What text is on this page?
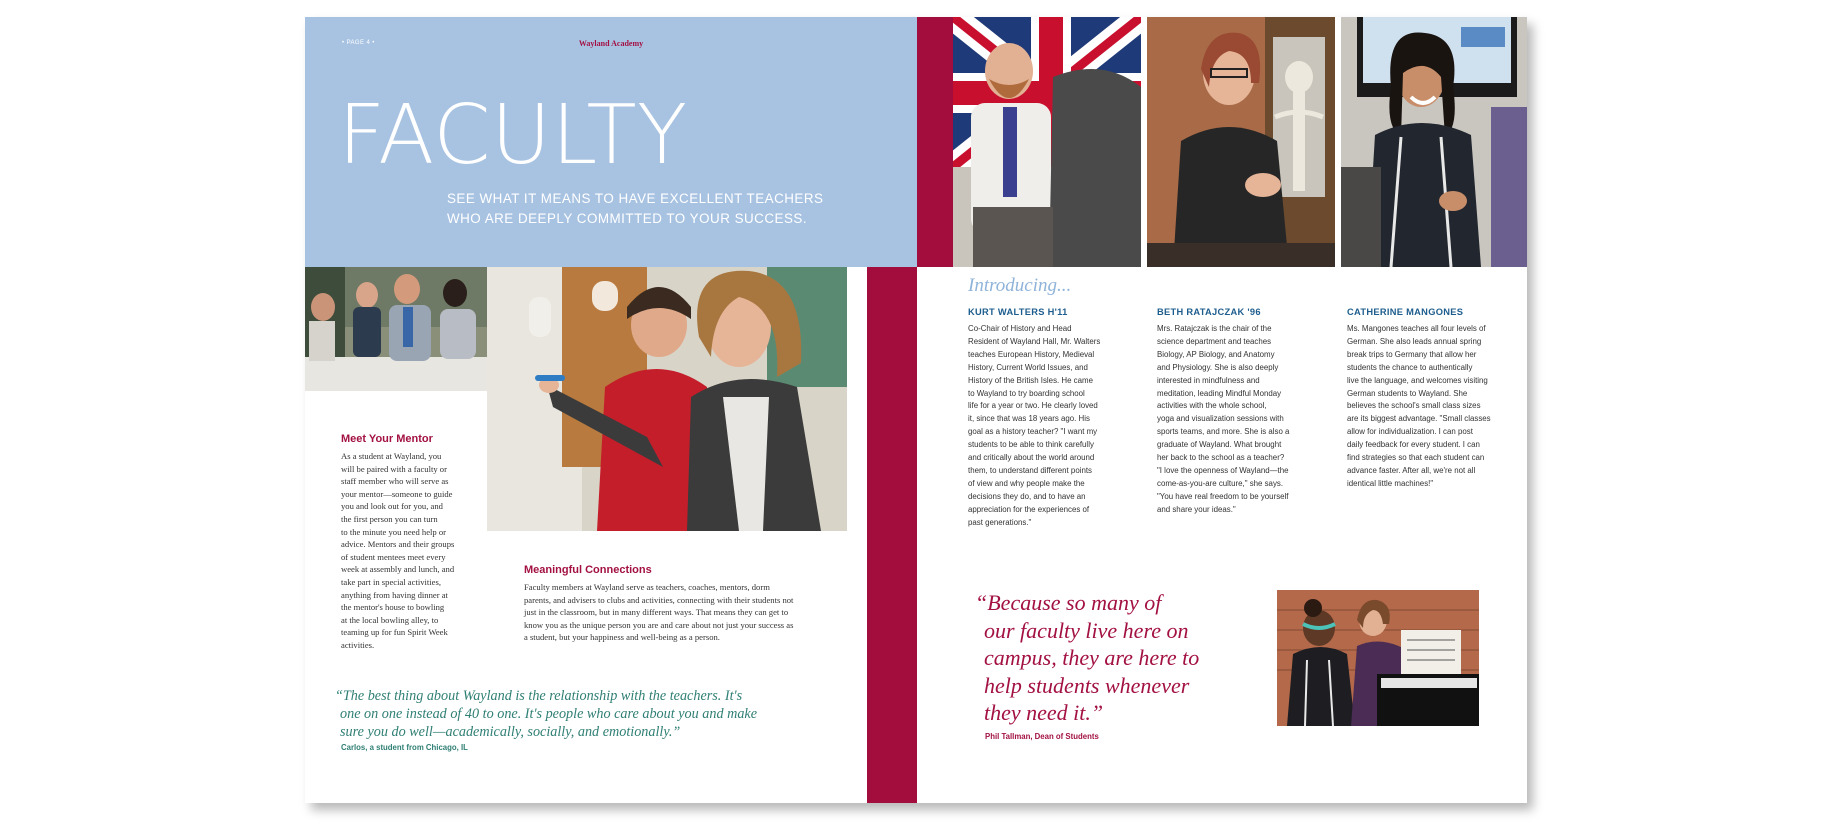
• PAGE 4 •	Wayland Academy
FACULTY
SEE WHAT IT MEANS TO HAVE EXCELLENT TEACHERS
WHO ARE DEEPLY COMMITTED TO YOUR SUCCESS.
Meet Your Mentor
As a student at Wayland, you
will be paired with a faculty or
staff member who will serve as
your mentor—someone to guide
you and look out for you, and
the first person you can turn
to the minute you need help or
advice. Mentors and their groups
of student mentees meet every
week at assembly and lunch, and
take part in special activities,
anything from having dinner at
the mentor's house to bowling
at the local bowling alley, to
teaming up for fun Spirit Week
activities.
Meaningful Connections
Faculty members at Wayland serve as teachers, coaches, mentors, dorm
parents, and advisers to clubs and activities, connecting with their students not
just in the classroom, but in many different ways. That means they can get to
know you as the unique person you are and care about not just your success as
a student, but your happiness and well-being as a person.
“The best thing about Wayland is the relationship with the teachers. It's
one on one instead of 40 to one. It's people who care about you and make
sure you do well—academically, socially, and emotionally.”
Carlos, a student from Chicago, IL
Introducing...
KURT WALTERS H'11
Co-Chair of History and Head
Resident of Wayland Hall, Mr. Walters
teaches European History, Medieval
History, Current World Issues, and
History of the British Isles. He came
to Wayland to try boarding school
life for a year or two. He clearly loved
it, since that was 18 years ago. His
goal as a history teacher? "I want my
students to be able to think carefully
and critically about the world around
them, to understand different points
of view and why people make the
decisions they do, and to have an
appreciation for the experiences of
past generations."
BETH RATAJCZAK '96
Mrs. Ratajczak is the chair of the
science department and teaches
Biology, AP Biology, and Anatomy
and Physiology. She is also deeply
interested in mindfulness and
meditation, leading Mindful Monday
activities with the whole school,
yoga and visualization sessions with
sports teams, and more. She is also a
graduate of Wayland. What brought
her back to the school as a teacher?
"I love the openness of Wayland—the
come-as-you-are culture," she says.
"You have real freedom to be yourself
and share your ideas."
CATHERINE MANGONES
Ms. Mangones teaches all four levels of
German. She also leads annual spring
break trips to Germany that allow her
students the chance to authentically
live the language, and welcomes visiting
German students to Wayland. She
believes the school's small class sizes
are its biggest advantage. "Small classes
allow for individualization. I can post
daily feedback for every student. I can
find strategies so that each student can
advance faster. After all, we're not all
identical little machines!"
“Because so many of
our faculty live here on
campus, they are here to
help students whenever
they need it.”
Phil Tallman, Dean of Students
